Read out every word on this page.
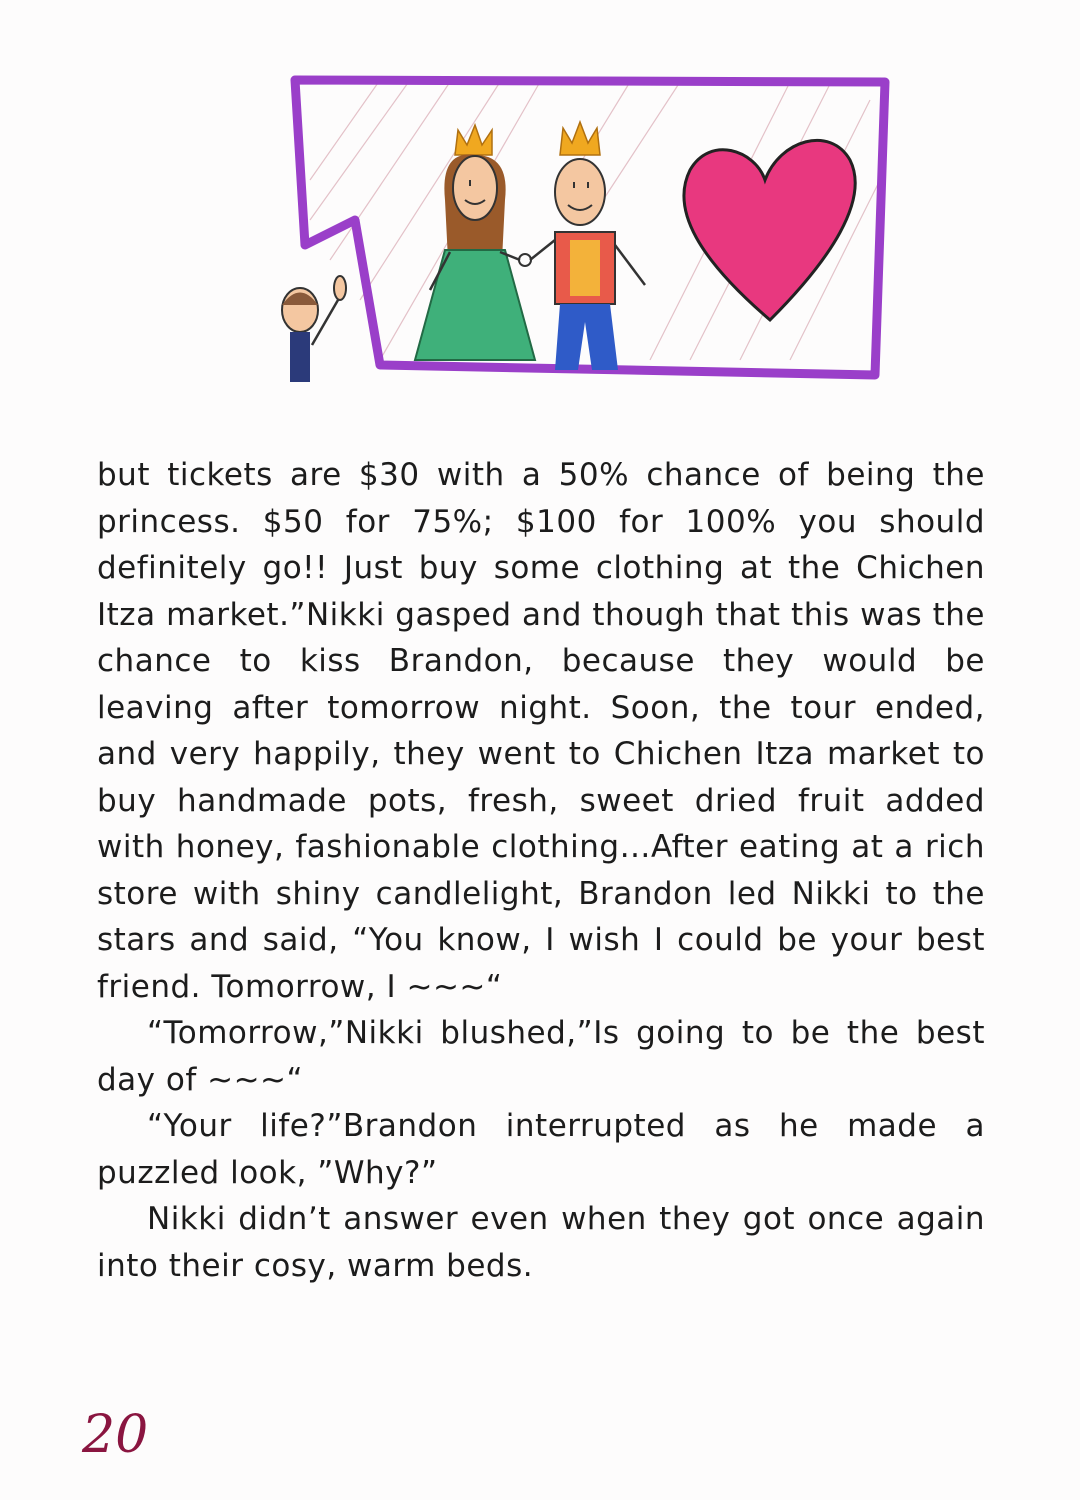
but tickets are $30 with a 50% chance of being the princess. $50 for 75%; $100 for 100% you should definitely go!! Just buy some clothing at the Chichen Itza market.”Nikki gasped and though that this was the chance to kiss Brandon, because they would be leaving after tomorrow night. Soon, the tour ended, and very happily, they went to Chichen Itza market to buy handmade pots, fresh, sweet dried fruit added with honey, fashionable clothing…After eating at a rich store with shiny candlelight, Brandon led Nikki to the stars and said, “You know, I wish I could be your best friend. Tomorrow, I ~~~“

“Tomorrow,”Nikki blushed,”Is going to be the best day of ~~~“

“Your life?”Brandon interrupted as he made a puzzled look, ”Why?”

Nikki didn’t answer even when they got once again into their cosy, warm beds.

20
